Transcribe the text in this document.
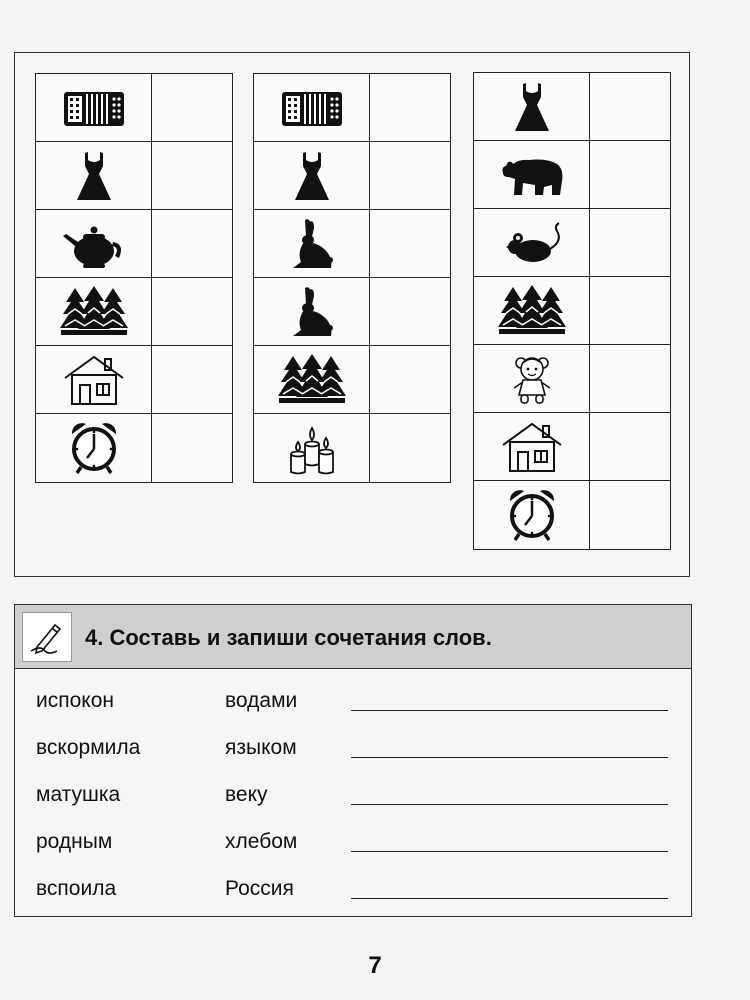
4. Составь и запиши сочетания слов.
испокон
вскормила
матушка
родным
вспоила
водами
языком
веку
хлебом
Россия
7
